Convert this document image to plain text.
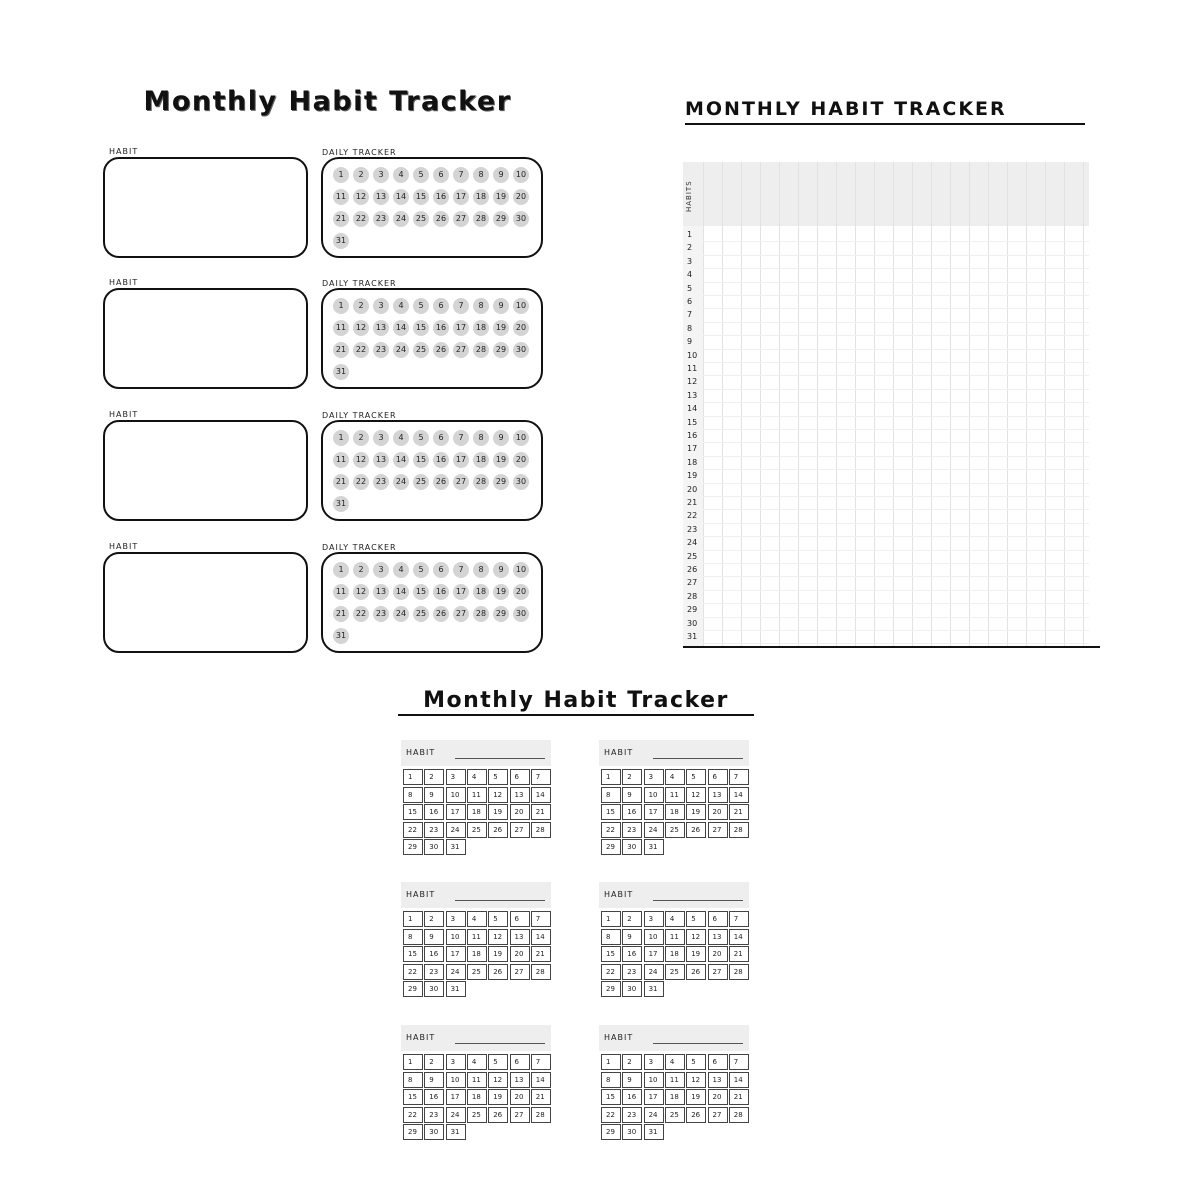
Monthly Habit Tracker
HABIT	DAILY TRACKER
1	2	3	4	5	6	7	8	9	10
11	12	13	14	15	16	17	18	19	20
21	22	23	24	25	26	27	28	29	30
31
HABIT	DAILY TRACKER
1	2	3	4	5	6	7	8	9	10
11	12	13	14	15	16	17	18	19	20
21	22	23	24	25	26	27	28	29	30
31
HABIT	DAILY TRACKER
1	2	3	4	5	6	7	8	9	10
11	12	13	14	15	16	17	18	19	20
21	22	23	24	25	26	27	28	29	30
31
HABIT	DAILY TRACKER
1	2	3	4	5	6	7	8	9	10
11	12	13	14	15	16	17	18	19	20
21	22	23	24	25	26	27	28	29	30
31
MONTHLY HABIT TRACKER
HABITS
1
2
3
4
5
6
7
8
9
10
11
12
13
14
15
16
17
18
19
20
21
22
23
24
25
26
27
28
29
30
31
Monthly Habit Tracker
HABIT
1	2	3	4	5	6	7
8	9	10	11	12	13	14
15	16	17	18	19	20	21
22	23	24	25	26	27	28
29	30	31
HABIT
1	2	3	4	5	6	7
8	9	10	11	12	13	14
15	16	17	18	19	20	21
22	23	24	25	26	27	28
29	30	31
HABIT
1	2	3	4	5	6	7
8	9	10	11	12	13	14
15	16	17	18	19	20	21
22	23	24	25	26	27	28
29	30	31
HABIT
1	2	3	4	5	6	7
8	9	10	11	12	13	14
15	16	17	18	19	20	21
22	23	24	25	26	27	28
29	30	31
HABIT
1	2	3	4	5	6	7
8	9	10	11	12	13	14
15	16	17	18	19	20	21
22	23	24	25	26	27	28
29	30	31
HABIT
1	2	3	4	5	6	7
8	9	10	11	12	13	14
15	16	17	18	19	20	21
22	23	24	25	26	27	28
29	30	31
